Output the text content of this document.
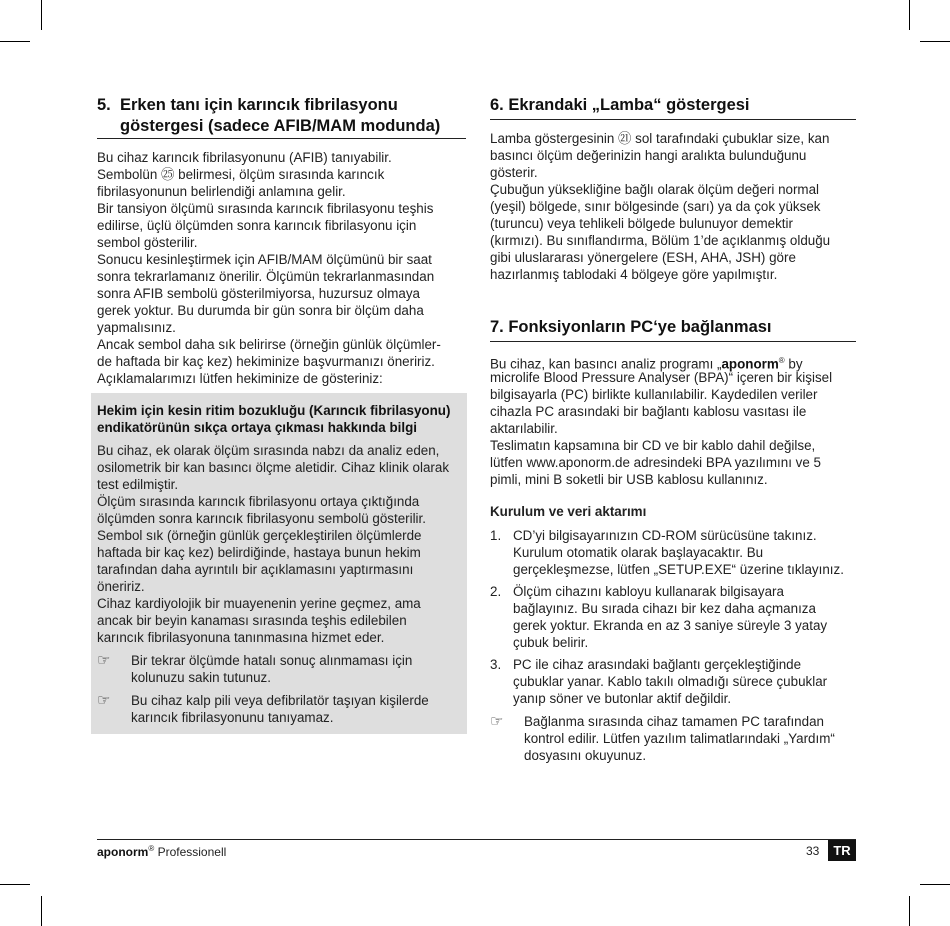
5. Erken tanı için karıncık fibrilasyonu
göstergesi (sadece AFIB/MAM modunda)
Bu cihaz karıncık fibrilasyonunu (AFIB) tanıyabilir.
Sembolün ㉕ belirmesi, ölçüm sırasında karıncık
fibrilasyonunun belirlendiği anlamına gelir.
Bir tansiyon ölçümü sırasında karıncık fibrilasyonu teşhis
edilirse, üçlü ölçümden sonra karıncık fibrilasyonu için
sembol gösterilir.
Sonucu kesinleştirmek için AFIB/MAM ölçümünü bir saat
sonra tekrarlamanız önerilir. Ölçümün tekrarlanmasından
sonra AFIB sembolü gösterilmiyorsa, huzursuz olmaya
gerek yoktur. Bu durumda bir gün sonra bir ölçüm daha
yapmalısınız.
Ancak sembol daha sık belirirse (örneğin günlük ölçümler-
de haftada bir kaç kez) hekiminize başvurmanızı öneririz.
Açıklamalarımızı lütfen hekiminize de gösteriniz:
Hekim için kesin ritim bozukluğu (Karıncık fibrilasyonu)
endikatörünün sıkça ortaya çıkması hakkında bilgi
Bu cihaz, ek olarak ölçüm sırasında nabzı da analiz eden,
osilometrik bir kan basıncı ölçme aletidir. Cihaz klinik olarak
test edilmiştir.
Ölçüm sırasında karıncık fibrilasyonu ortaya çıktığında
ölçümden sonra karıncık fibrilasyonu sembolü gösterilir.
Sembol sık (örneğin günlük gerçekleştirilen ölçümlerde
haftada bir kaç kez) belirdiğinde, hastaya bunun hekim
tarafından daha ayrıntılı bir açıklamasını yaptırmasını
öneririz.
Cihaz kardiyolojik bir muayenenin yerine geçmez, ama
ancak bir beyin kanaması sırasında teşhis edilebilen
karıncık fibrilasyonuna tanınmasına hizmet eder.
☞ Bir tekrar ölçümde hatalı sonuç alınmaması için
kolunuzu sakin tutunuz.
☞ Bu cihaz kalp pili veya defibrilatör taşıyan kişilerde
karıncık fibrilasyonunu tanıyamaz.
6. Ekrandaki „Lamba“ göstergesi
Lamba göstergesinin ㉑ sol tarafındaki çubuklar size, kan
basıncı ölçüm değerinizin hangi aralıkta bulunduğunu
gösterir.
Çubuğun yüksekliğine bağlı olarak ölçüm değeri normal
(yeşil) bölgede, sınır bölgesinde (sarı) ya da çok yüksek
(turuncu) veya tehlikeli bölgede bulunuyor demektir
(kırmızı). Bu sınıflandırma, Bölüm 1’de açıklanmış olduğu
gibi uluslararası yönergelere (ESH, AHA, JSH) göre
hazırlanmış tablodaki 4 bölgeye göre yapılmıştır.
7. Fonksiyonların PC‘ye bağlanması
Bu cihaz, kan basıncı analiz programı „aponorm® by
microlife Blood Pressure Analyser (BPA)“ içeren bir kişisel
bilgisayarla (PC) birlikte kullanılabilir. Kaydedilen veriler
cihazla PC arasındaki bir bağlantı kablosu vasıtası ile
aktarılabilir.
Teslimatın kapsamına bir CD ve bir kablo dahil değilse,
lütfen www.aponorm.de adresindeki BPA yazılımını ve 5
pimli, mini B soketli bir USB kablosu kullanınız.
Kurulum ve veri aktarımı
1. CD’yi bilgisayarınızın CD-ROM sürücüsüne takınız.
Kurulum otomatik olarak başlayacaktır. Bu
gerçekleşmezse, lütfen „SETUP.EXE“ üzerine tıklayınız.
2. Ölçüm cihazını kabloyu kullanarak bilgisayara
bağlayınız. Bu sırada cihazı bir kez daha açmanıza
gerek yoktur. Ekranda en az 3 saniye süreyle 3 yatay
çubuk belirir.
3. PC ile cihaz arasındaki bağlantı gerçekleştiğinde
çubuklar yanar. Kablo takılı olmadığı sürece çubuklar
yanıp söner ve butonlar aktif değildir.
☞ Bağlanma sırasında cihaz tamamen PC tarafından
kontrol edilir. Lütfen yazılım talimatlarındaki „Yardım“
dosyasını okuyunuz.
aponorm® Professionell	33	TR
